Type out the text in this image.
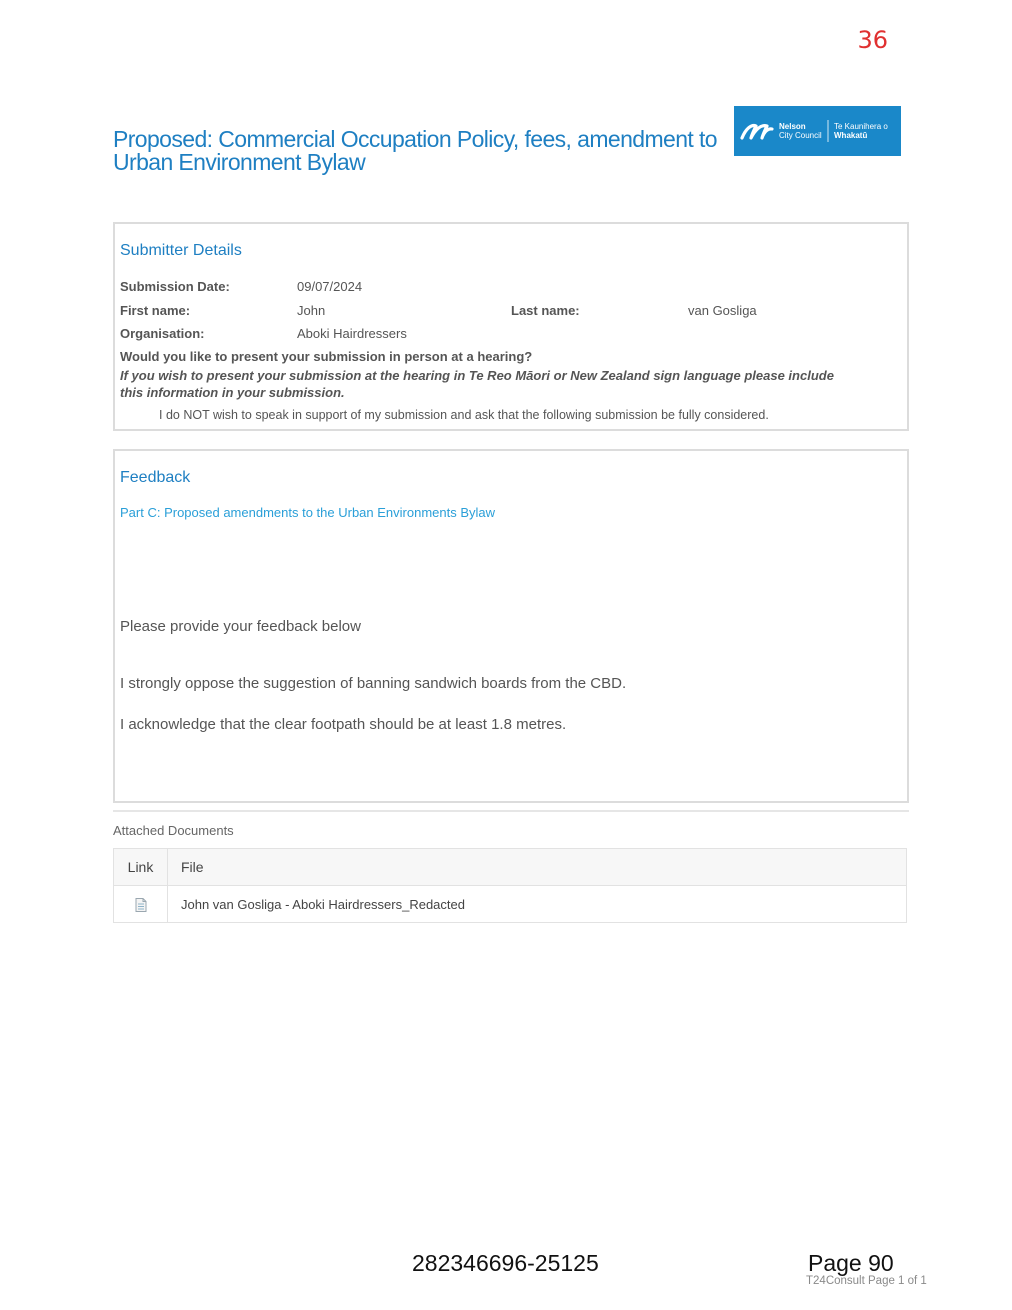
36
Proposed: Commercial Occupation Policy, fees, amendment to
Urban Environment Bylaw
Nelson
City Council
Te Kaunihera o
Whakatū
Submitter Details
Submission Date:	09/07/2024
First name:	John	Last name:	van Gosliga
Organisation:	Aboki Hairdressers
Would you like to present your submission in person at a hearing?
If you wish to present your submission at the hearing in Te Reo Māori or New Zealand sign language please include
this information in your submission.
I do NOT wish to speak in support of my submission and ask that the following submission be fully considered.
Feedback
Part C: Proposed amendments to the Urban Environments Bylaw
Please provide your feedback below
I strongly oppose the suggestion of banning sandwich boards from the CBD.
I acknowledge that the clear footpath should be at least 1.8 metres.
Attached Documents
Link	File
	John van Gosliga - Aboki Hairdressers_Redacted
282346696-25125	Page 90
T24Consult Page 1 of 1
